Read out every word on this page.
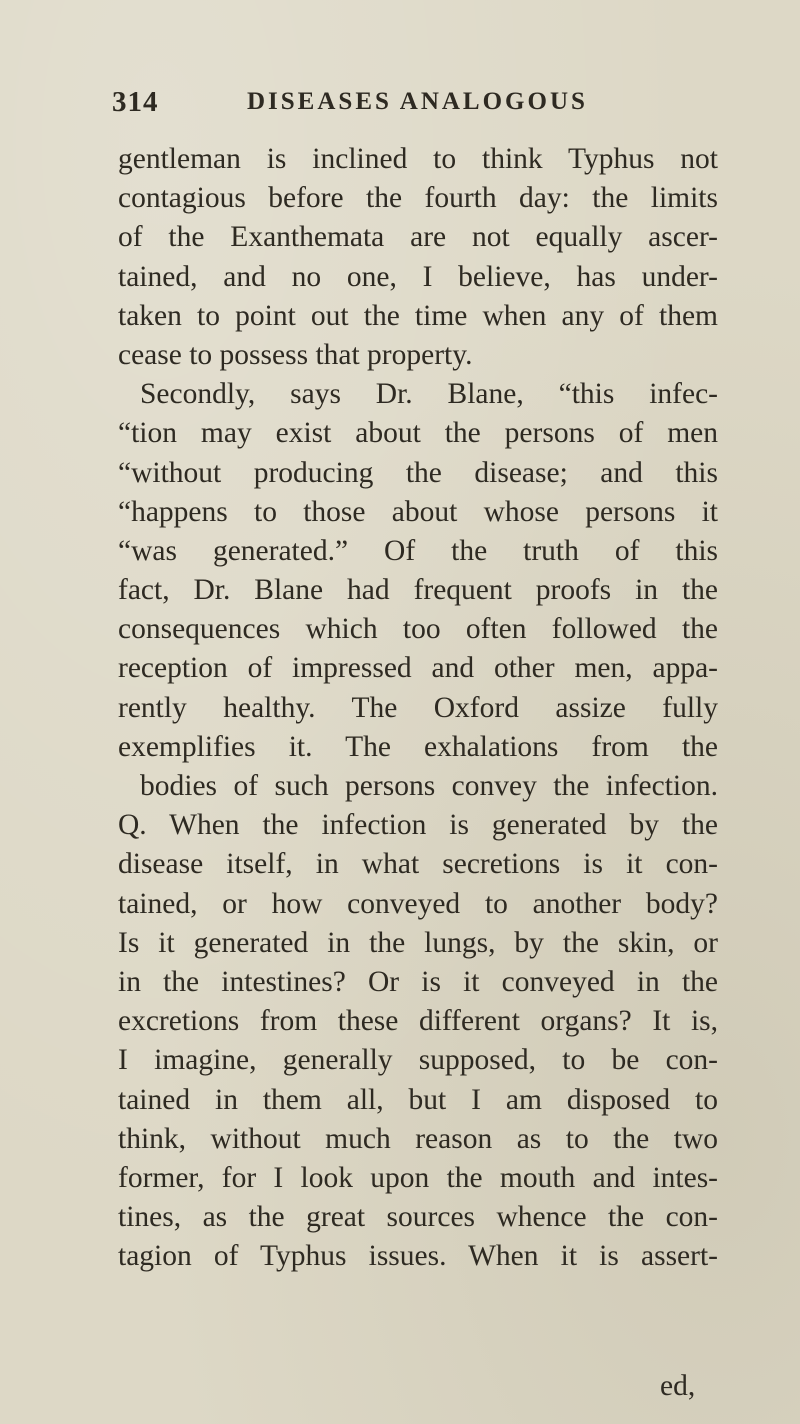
314	DISEASES ANALOGOUS
gentleman is inclined to think Typhus not
contagious before the fourth day: the limits
of the Exanthemata are not equally ascer-
tained, and no one, I believe, has under-
taken to point out the time when any of them
cease to possess that property.
Secondly, says Dr. Blane, “this infec-
“tion may exist about the persons of men
“without producing the disease; and this
“happens to those about whose persons it
“was generated.” Of the truth of this
fact, Dr. Blane had frequent proofs in the
consequences which too often followed the
reception of impressed and other men, appa-
rently healthy. The Oxford assize fully
exemplifies it. The exhalations from the
bodies of such persons convey the infection.
Q. When the infection is generated by the
disease itself, in what secretions is it con-
tained, or how conveyed to another body?
Is it generated in the lungs, by the skin, or
in the intestines? Or is it conveyed in the
excretions from these different organs? It is,
I imagine, generally supposed, to be con-
tained in them all, but I am disposed to
think, without much reason as to the two
former, for I look upon the mouth and intes-
tines, as the great sources whence the con-
tagion of Typhus issues. When it is assert-
ed,
